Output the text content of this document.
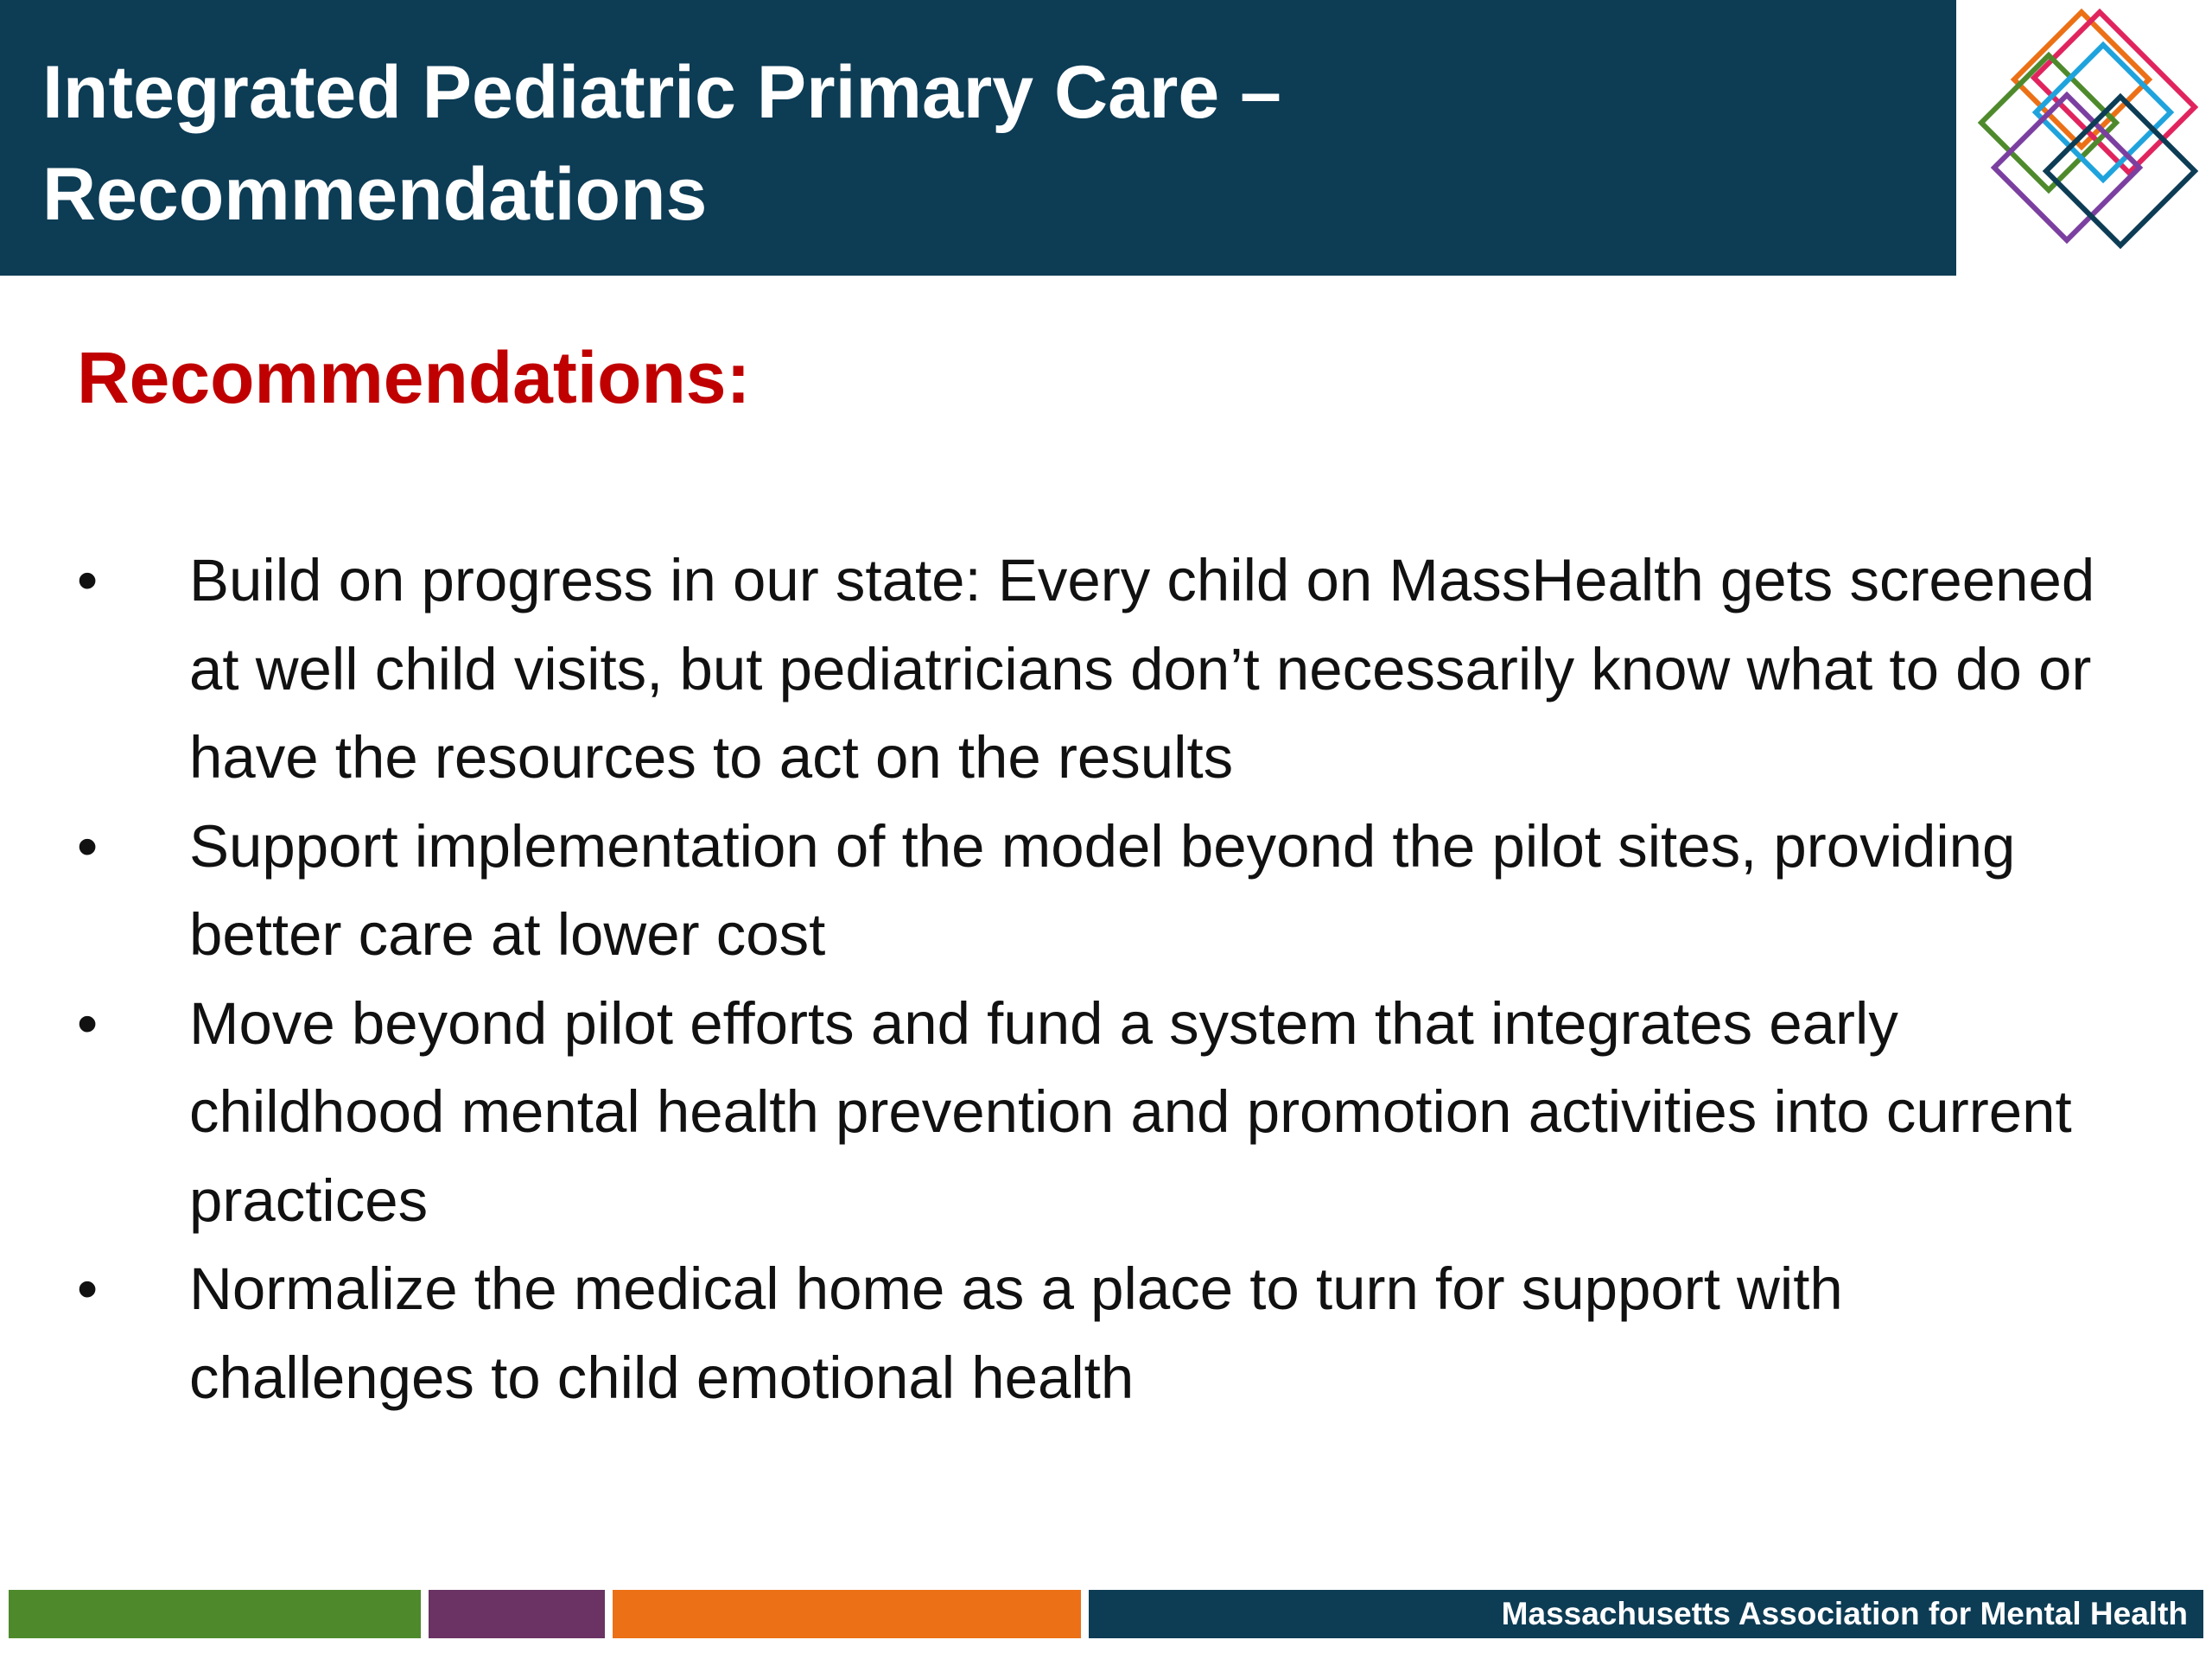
Integrated Pediatric Primary Care –
Recommendations
Recommendations:
• Build on progress in our state: Every child on MassHealth gets screened at well child visits, but pediatricians don’t necessarily know what to do or have the resources to act on the results
• Support implementation of the model beyond the pilot sites, providing better care at lower cost
• Move beyond pilot efforts and fund a system that integrates early childhood mental health prevention and promotion activities into current practices
• Normalize the medical home as a place to turn for support with challenges to child emotional health
Massachusetts Association for Mental Health
